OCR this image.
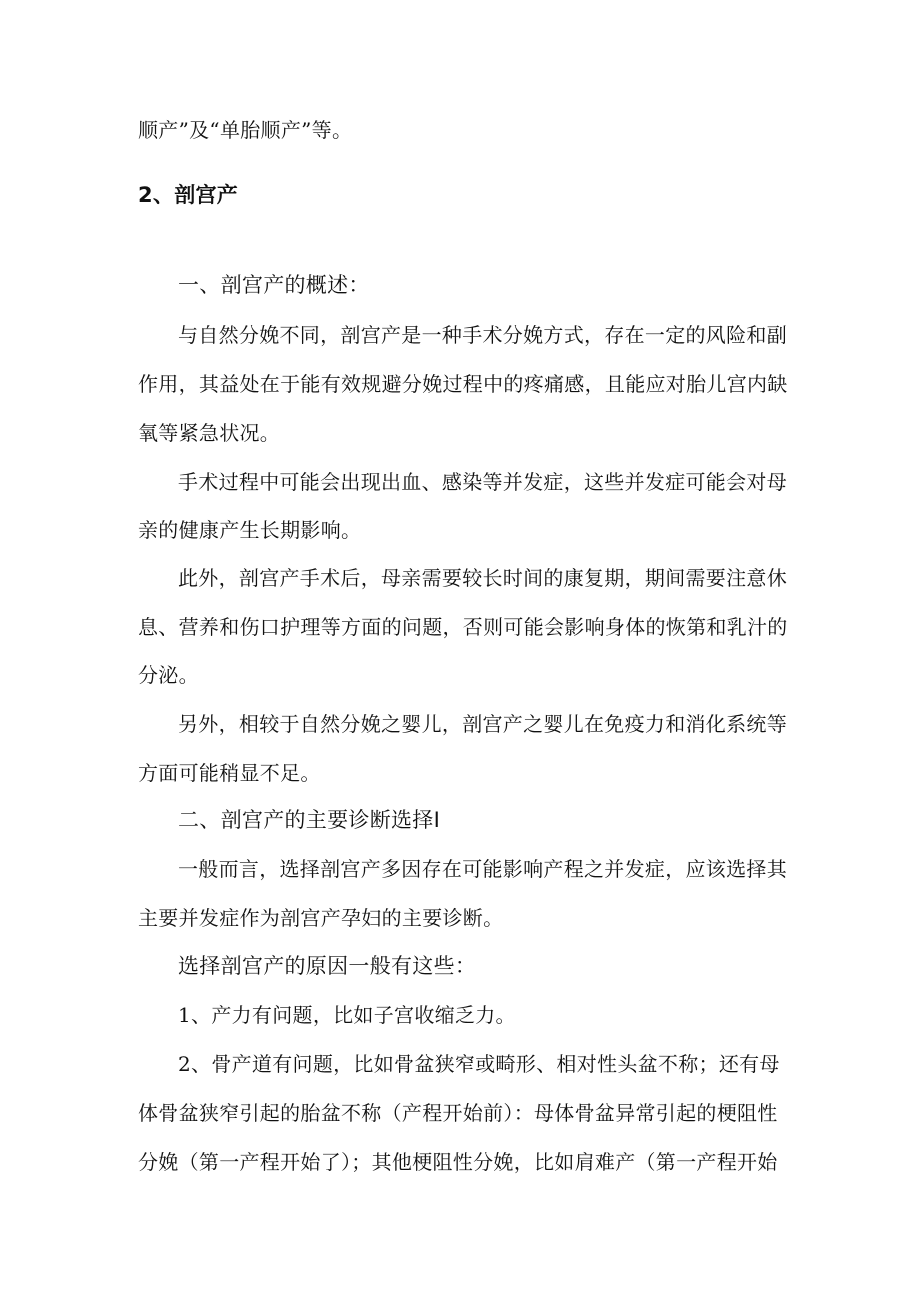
顺产”及“单胎顺产”等。
2、剖宫产
一、剖宫产的概述：
与自然分娩不同，剖宫产是一种手术分娩方式，存在一定的风险和副
作用，其益处在于能有效规避分娩过程中的疼痛感，且能应对胎儿宫内缺
氧等紧急状况。
手术过程中可能会出现出血、感染等并发症，这些并发症可能会对母
亲的健康产生长期影响。
此外，剖宫产手术后，母亲需要较长时间的康复期，期间需要注意休
息、营养和伤口护理等方面的问题，否则可能会影响身体的恢第和乳汁的
分泌。
另外，相较于自然分娩之婴儿，剖宫产之婴儿在免疫力和消化系统等
方面可能稍显不足。
二、剖宫产的主要诊断选择I
一般而言，选择剖宫产多因存在可能影响产程之并发症，应该选择其
主要并发症作为剖宫产孕妇的主要诊断。
选择剖宫产的原因一般有这些：
1、产力有问题，比如子宫收缩乏力。
2、骨产道有问题，比如骨盆狭窄或畸形、相对性头盆不称；还有母
体骨盆狭窄引起的胎盆不称（产程开始前）：母体骨盆异常引起的梗阻性
分娩（第一产程开始了）；其他梗阻性分娩，比如肩难产（第一产程开始
